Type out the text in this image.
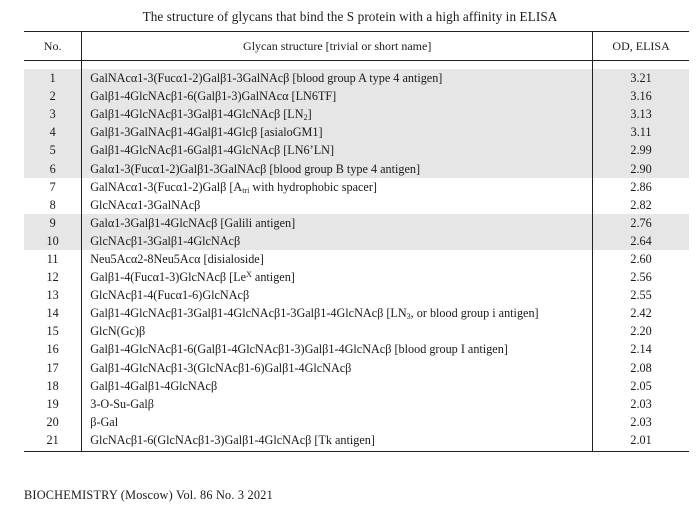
The structure of glycans that bind the S protein with a high affinity in ELISA
No.	Glycan structure [trivial or short name]	OD, ELISA

1	GalNAcα1-3(Fucα1-2)Galβ1-3GalNAcβ [blood group A type 4 antigen]	3.21
2	Galβ1-4GlcNAcβ1-6(Galβ1-3)GalNAcα [LN6TF]	3.16
3	Galβ1-4GlcNAcβ1-3Galβ1-4GlcNAcβ $[LN_2]$	3.13
4	Galβ1-3GalNAcβ1-4Galβ1-4Glcβ [asialoGM1]	3.11
5	Galβ1-4GlcNAcβ1-6Galβ1-4GlcNAcβ [LN6’LN]	2.99
6	Galα1-3(Fucα1-2)Galβ1-3GalNAcβ [blood group B type 4 antigen]	2.90
7	GalNAcα1-3(Fucα1-2)Galβ [$A_{tri}$ with hydrophobic spacer]	2.86
8	GlcNAcα1-3GalNAcβ	2.82
9	Galα1-3Galβ1-4GlcNAcβ [Galili antigen]	2.76
10	GlcNAcβ1-3Galβ1-4GlcNAcβ	2.64
11	Neu5Acα2-8Neu5Acα [disialoside]	2.60
12	Galβ1-4(Fucα1-3)GlcNAcβ [$Le^X$ antigen]	2.56
13	GlcNAcβ1-4(Fucα1-6)GlcNAcβ	2.55
14	Galβ1-4GlcNAcβ1-3Galβ1-4GlcNAcβ1-3Galβ1-4GlcNAcβ [$LN_3$, or blood group i antigen]	2.42
15	GlcN(Gc)β	2.20
16	Galβ1-4GlcNAcβ1-6(Galβ1-4GlcNAcβ1-3)Galβ1-4GlcNAcβ [blood group I antigen]	2.14
17	Galβ1-4GlcNAcβ1-3(GlcNAcβ1-6)Galβ1-4GlcNAcβ	2.08
18	Galβ1-4Galβ1-4GlcNAcβ	2.05
19	3-O-Su-Galβ	2.03
20	β-Gal	2.03
21	GlcNAcβ1-6(GlcNAcβ1-3)Galβ1-4GlcNAcβ [Tk antigen]	2.01
BIOCHEMISTRY (Moscow) Vol. 86 No. 3 2021
